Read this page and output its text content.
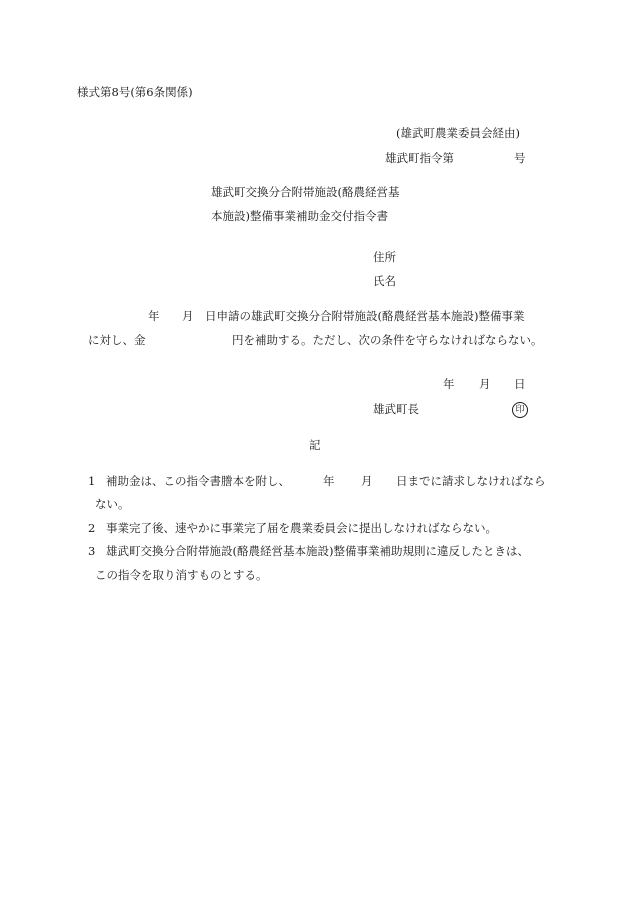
様式第8号(第6条関係)
(雄武町農業委員会経由)
雄武町指令第	号
雄武町交換分合附帯施設(酪農経営基
本施設)整備事業補助金交付指令書
住所
氏名
年 月 日申請の雄武町交換分合附帯施設(酪農経営基本施設)整備事業
に対し、金	円を補助する。ただし、次の条件を守らなければならない。
年 月 日
雄武町長	印
記
1 補助金は、この指令書謄本を附し、	年 月 日までに請求しなければなら
ない。
2 事業完了後、速やかに事業完了届を農業委員会に提出しなければならない。
3 雄武町交換分合附帯施設(酪農経営基本施設)整備事業補助規則に違反したときは、
この指令を取り消すものとする。
